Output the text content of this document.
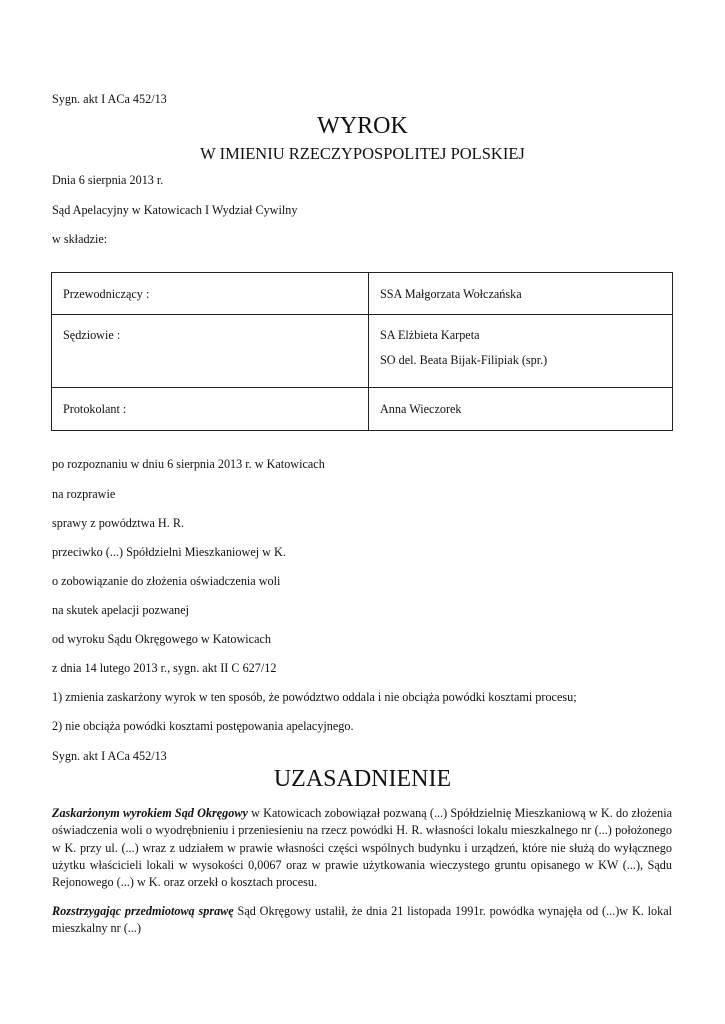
Sygn. akt I ACa 452/13
WYROK
W IMIENIU RZECZYPOSPOLITEJ POLSKIEJ
Dnia 6 sierpnia 2013 r.
Sąd Apelacyjny w Katowicach I Wydział Cywilny
w składzie:
Przewodniczący :	SSA Małgorzata Wołczańska

Sędziowie :	SA Elżbieta Karpeta
SO del. Beata Bijak-Filipiak (spr.)

Protokolant :	Anna Wieczorek
po rozpoznaniu w dniu 6 sierpnia 2013 r. w Katowicach
na rozprawie
sprawy z powództwa H. R.
przeciwko (...) Spółdzielni Mieszkaniowej w K.
o zobowiązanie do złożenia oświadczenia woli
na skutek apelacji pozwanej
od wyroku Sądu Okręgowego w Katowicach
z dnia 14 lutego 2013 r., sygn. akt II C 627/12
1) zmienia zaskarżony wyrok w ten sposób, że powództwo oddala i nie obciąża powódki kosztami procesu;
2) nie obciąża powódki kosztami postępowania apelacyjnego.
Sygn. akt I ACa 452/13
UZASADNIENIE
Zaskarżonym wyrokiem Sąd Okręgowy w Katowicach zobowiązał pozwaną (...) Spółdzielnię Mieszkaniową w K. do złożenia oświadczenia woli o wyodrębnieniu i przeniesieniu na rzecz powódki H. R. własności lokalu mieszkalnego nr (...) położonego w K. przy ul. (...) wraz z udziałem w prawie własności części wspólnych budynku i urządzeń, które nie służą do wyłącznego użytku właścicieli lokali w wysokości 0,0067 oraz w prawie użytkowania wieczystego gruntu opisanego w KW (...), Sądu Rejonowego (...) w K. oraz orzekł o kosztach procesu.
Rozstrzygając przedmiotową sprawę Sąd Okręgowy ustalił, że dnia 21 listopada 1991r. powódka wynajęła od (...)w K. lokal mieszkalny nr (...)
